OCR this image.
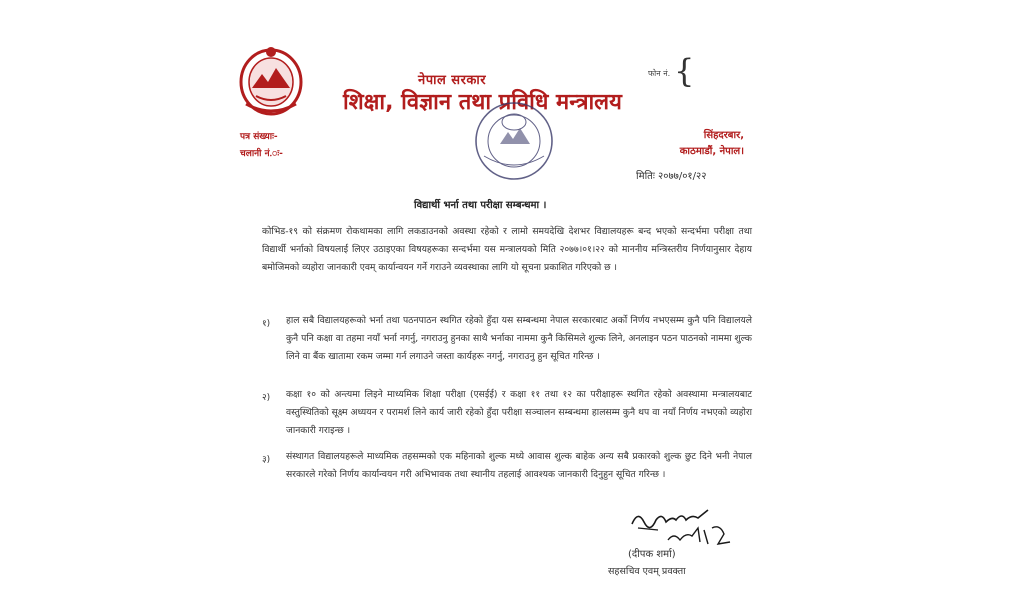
नेपाल सरकार
शिक्षा, विज्ञान तथा प्रविधि मन्त्रालय
फोन नं. {
पत्र संख्याः-
चलानी नं.ः-
सिंहदरबार,
काठमाडौं, नेपाल।
मितिः २०७७/०१/२२
विद्यार्थी भर्ना तथा परीक्षा सम्बन्धमा ।
कोभिड-१९ को संक्रमण रोकथामका लागि लकडाउनको अवस्था रहेको र लामो समयदेखि देशभर विद्यालयहरू बन्द भएको सन्दर्भमा परीक्षा तथा विद्यार्थी भर्नाको विषयलाई लिएर उठाइएका विषयहरूका सन्दर्भमा यस मन्त्रालयको मिति २०७७।०१।२२ को माननीय मन्त्रिस्तरीय निर्णयानुसार देहाय बमोजिमको व्यहोरा जानकारी एवम् कार्यान्वयन गर्ने गराउने व्यवस्थाका लागि यो सूचना प्रकाशित गरिएको छ ।
१) हाल सबै विद्यालयहरूको भर्ना तथा पठनपाठन स्थगित रहेको हुँदा यस सम्बन्धमा नेपाल सरकारबाट अर्को निर्णय नभएसम्म कुनै पनि विद्यालयले कुनै पनि कक्षा वा तहमा नयाँ भर्ना नगर्नु, नगराउनु हुनका साथै भर्नाका नाममा कुनै किसिमले शुल्क लिने, अनलाइन पठन पाठनको नाममा शुल्क लिने वा बैंक खातामा रकम जम्मा गर्न लगाउने जस्ता कार्यहरू नगर्नु, नगराउनु हुन सूचित गरिन्छ ।
२) कक्षा १० को अन्त्यमा लिइने माध्यमिक शिक्षा परीक्षा (एसईई) र कक्षा ११ तथा १२ का परीक्षाहरू स्थगित रहेको अवस्थामा मन्त्रालयबाट वस्तुस्थितिको सूक्ष्म अध्ययन र परामर्श लिने कार्य जारी रहेको हुँदा परीक्षा सञ्चालन सम्बन्धमा हालसम्म कुनै थप वा नयाँ निर्णय नभएको व्यहोरा जानकारी गराइन्छ ।
३) संस्थागत विद्यालयहरूले माध्यमिक तहसम्मको एक महिनाको शुल्क मध्ये आवास शुल्क बाहेक अन्य सबै प्रकारको शुल्क छुट दिने भनी नेपाल सरकारले गरेको निर्णय कार्यान्वयन गरी अभिभावक तथा स्थानीय तहलाई आवश्यक जानकारी दिनुहुन सूचित गरिन्छ ।
(दीपक शर्मा)
सहसचिव एवम् प्रवक्ता
